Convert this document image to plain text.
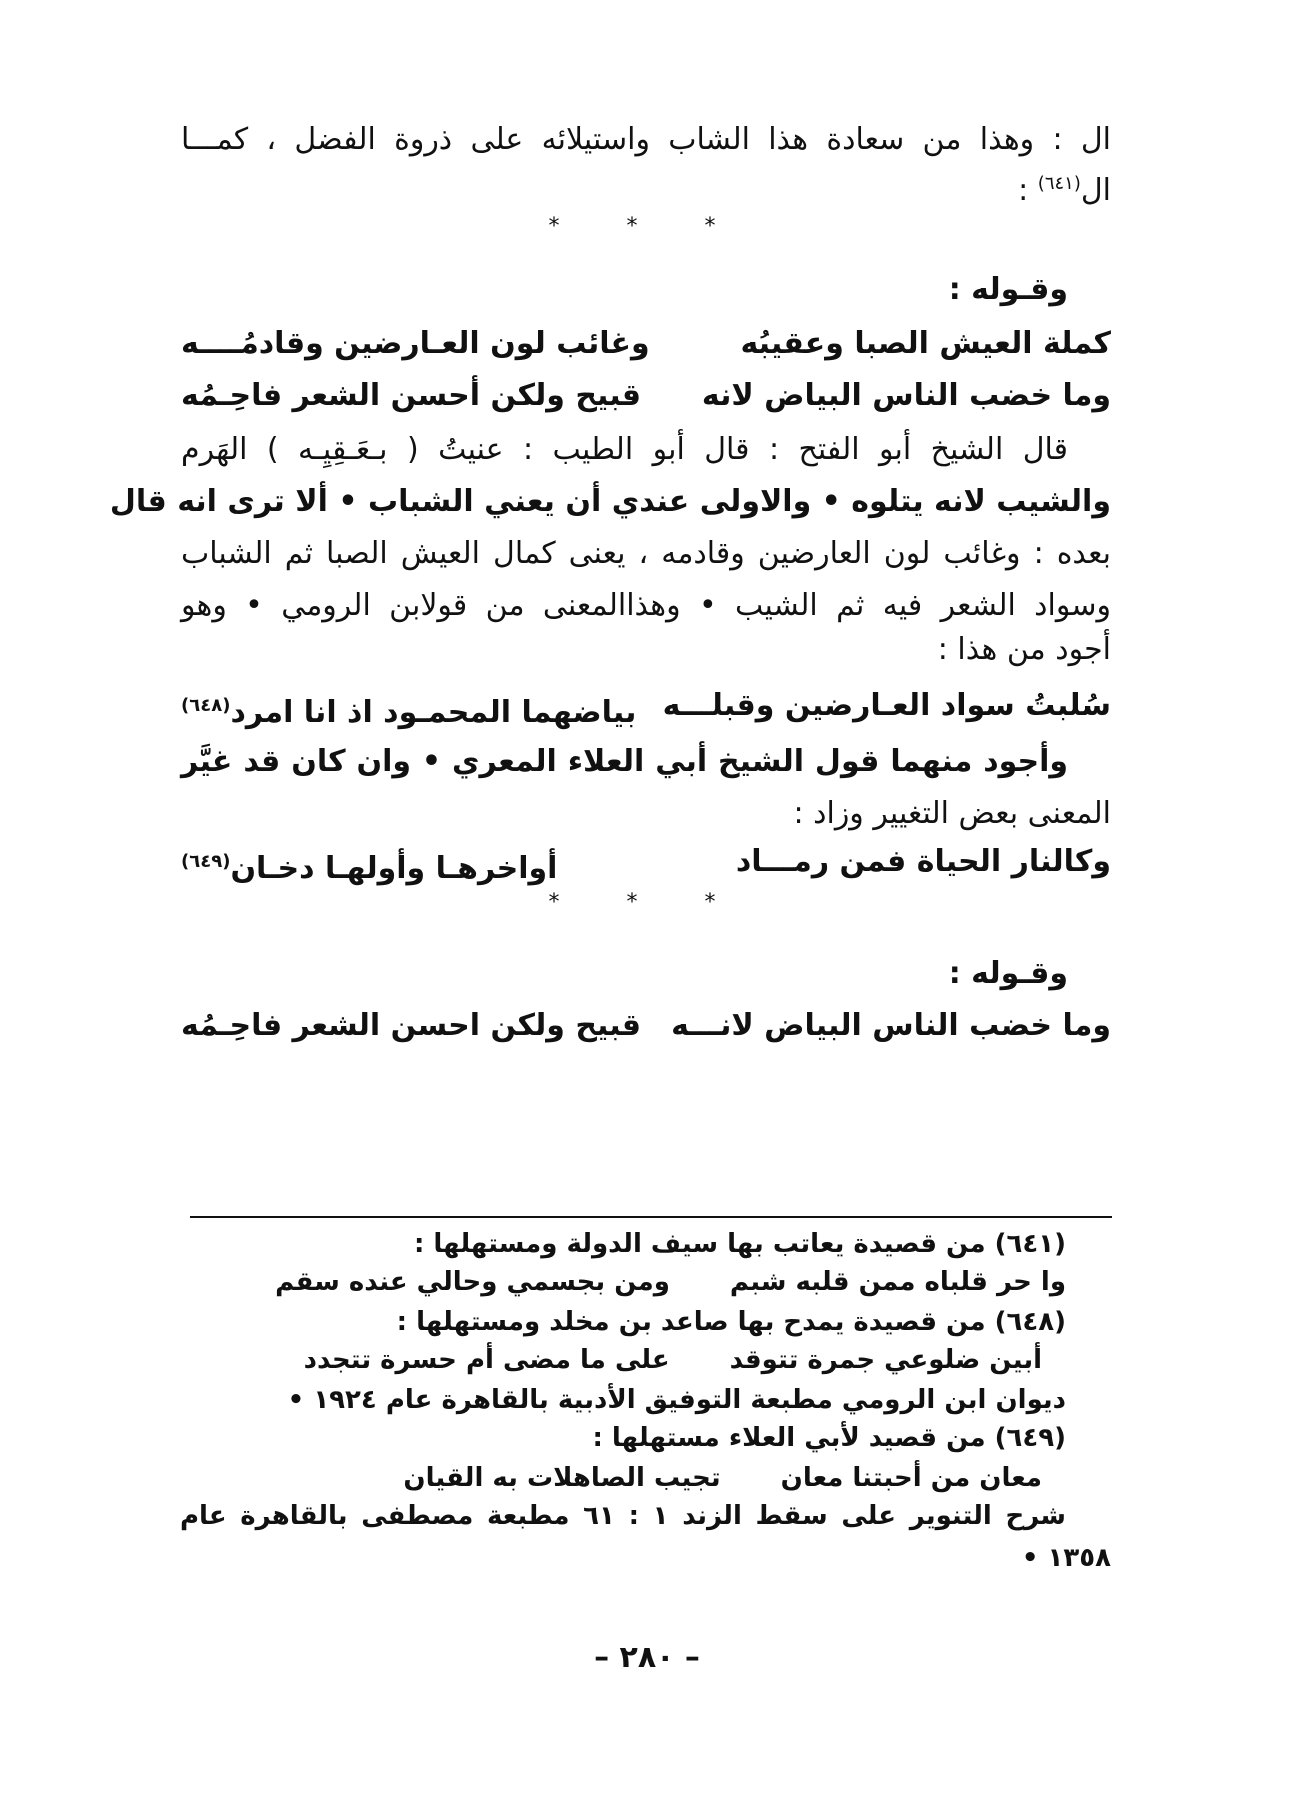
ال : وهذا من سعادة هذا الشاب واستيلائه على ذروة الفضل ، كمـــا
ال$^{(٦٤١)}$ :
* * *
وقـوله :
كملة العيش الصبا وعقيبُه
وغائب لون العـارضين وقادمُــــه
وما خضب الناس البياض لانه
قبيح ولكن أحسن الشعر فاحِـمُه
قال الشيخ أبو الفتح : قال أبو الطيب : عنيتُ ( بـعَـقِيِـه ) الهَرم
والشيب لانه يتلوه • والاولى عندي أن يعني الشباب • ألا ترى انه قال
بعده : وغائب لون العارضين وقادمه ، يعنى كمال العيش الصبا ثم الشباب
وسواد الشعر فيه ثم الشيب • وهذاالمعنى من قولابن الرومي • وهو
أجود من هذا :
سُلبتُ سواد العـارضين وقبلـــه
بياضهما المحمـود اذ انا امرد$^{(٦٤٨)}$
وأجود منهما قول الشيخ أبي العلاء المعري • وان كان قد غيَّر
المعنى بعض التغيير وزاد :
وكالنار الحياة فمن رمـــاد
أواخرهـا وأولهـا دخـان$^{(٦٤٩)}$
* * *
وقـوله :
وما خضب الناس البياض لانـــه
قبيح ولكن احسن الشعر فاحِـمُه
(٦٤١) من قصيدة يعاتب بها سيف الدولة ومستهلها :
وا حر قلباه ممن قلبه شبم
ومن بجسمي وحالي عنده سقم
(٦٤٨) من قصيدة يمدح بها صاعد بن مخلد ومستهلها :
أبين ضلوعي جمرة تتوقد
على ما مضى أم حسرة تتجدد
ديوان ابن الرومي مطبعة التوفيق الأدبية بالقاهرة عام ١٩٢٤ •
(٦٤٩) من قصيد لأبي العلاء مستهلها :
معان من أحبتنا معان
تجيب الصاهلات به القيان
شرح التنوير على سقط الزند ١ : ٦١ مطبعة مصطفى بالقاهرة عام
١٣٥٨ •
– ٢٨٠ –
